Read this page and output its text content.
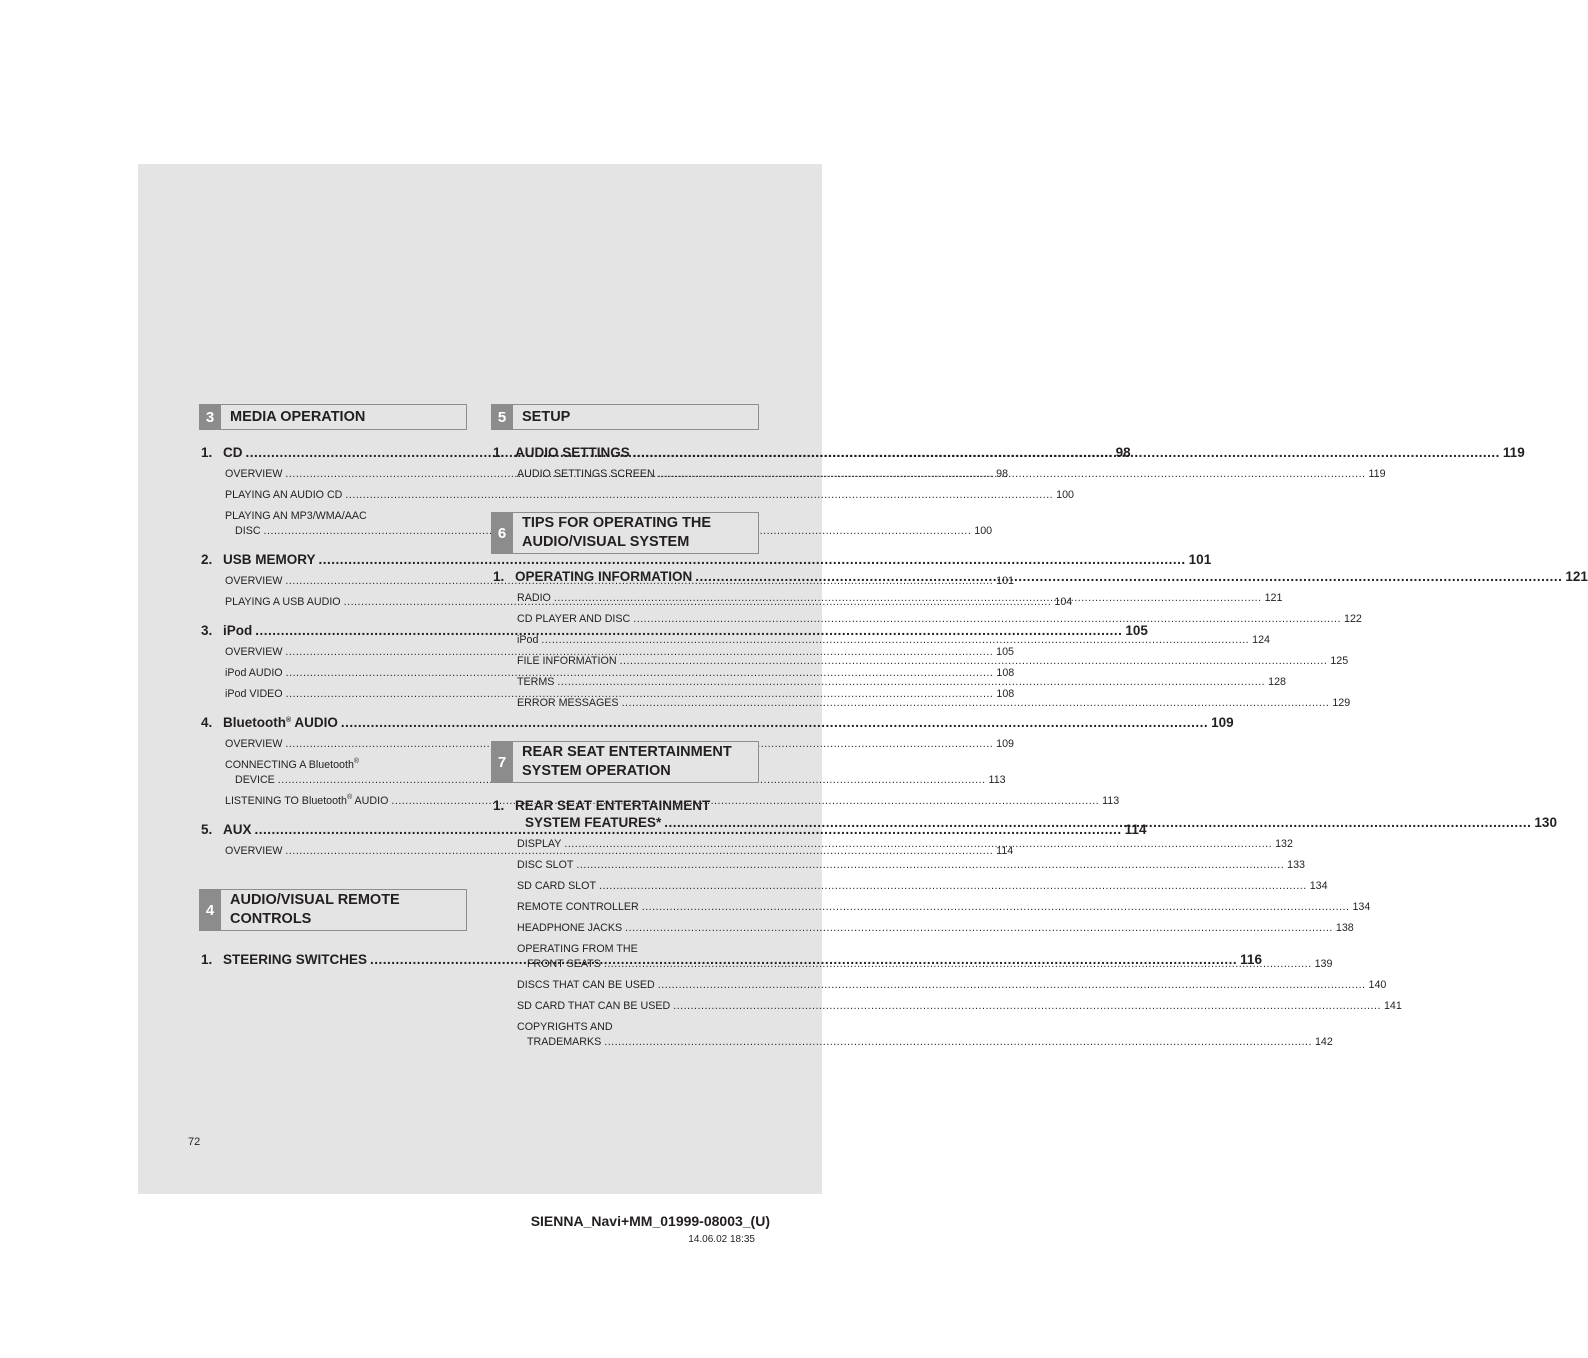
3	MEDIA OPERATION
1. CD .....	98
OVERVIEW .....	98
PLAYING AN AUDIO CD .....	100
PLAYING AN MP3/WMA/AAC
DISC .....	100
2. USB MEMORY .....	101
OVERVIEW .....	101
PLAYING A USB AUDIO .....	104
3. iPod .....	105
OVERVIEW .....	105
iPod AUDIO .....	108
iPod VIDEO .....	108
4. Bluetooth® AUDIO .....	109
OVERVIEW .....	109
CONNECTING A Bluetooth®
DEVICE .....	113
LISTENING TO Bluetooth® AUDIO .....	113
5. AUX .....	114
OVERVIEW .....	114
4
AUDIO/VISUAL REMOTE
CONTROLS
1. STEERING SWITCHES .....	116
5	SETUP
1. AUDIO SETTINGS .....	119
AUDIO SETTINGS SCREEN .....	119
6
TIPS FOR OPERATING THE
AUDIO/VISUAL SYSTEM
1. OPERATING INFORMATION .....	121
RADIO .....	121
CD PLAYER AND DISC .....	122
iPod .....	124
FILE INFORMATION .....	125
TERMS .....	128
ERROR MESSAGES .....	129
7
REAR SEAT ENTERTAINMENT
SYSTEM OPERATION
1. REAR SEAT ENTERTAINMENT
SYSTEM FEATURES* .....	130
DISPLAY .....	132
DISC SLOT .....	133
SD CARD SLOT .....	134
REMOTE CONTROLLER .....	134
HEADPHONE JACKS .....	138
OPERATING FROM THE
FRONT SEATS .....	139
DISCS THAT CAN BE USED .....	140
SD CARD THAT CAN BE USED .....	141
COPYRIGHTS AND
TRADEMARKS .....	142
72
SIENNA_Navi+MM_01999-08003_(U)
14.06.02 18:35
